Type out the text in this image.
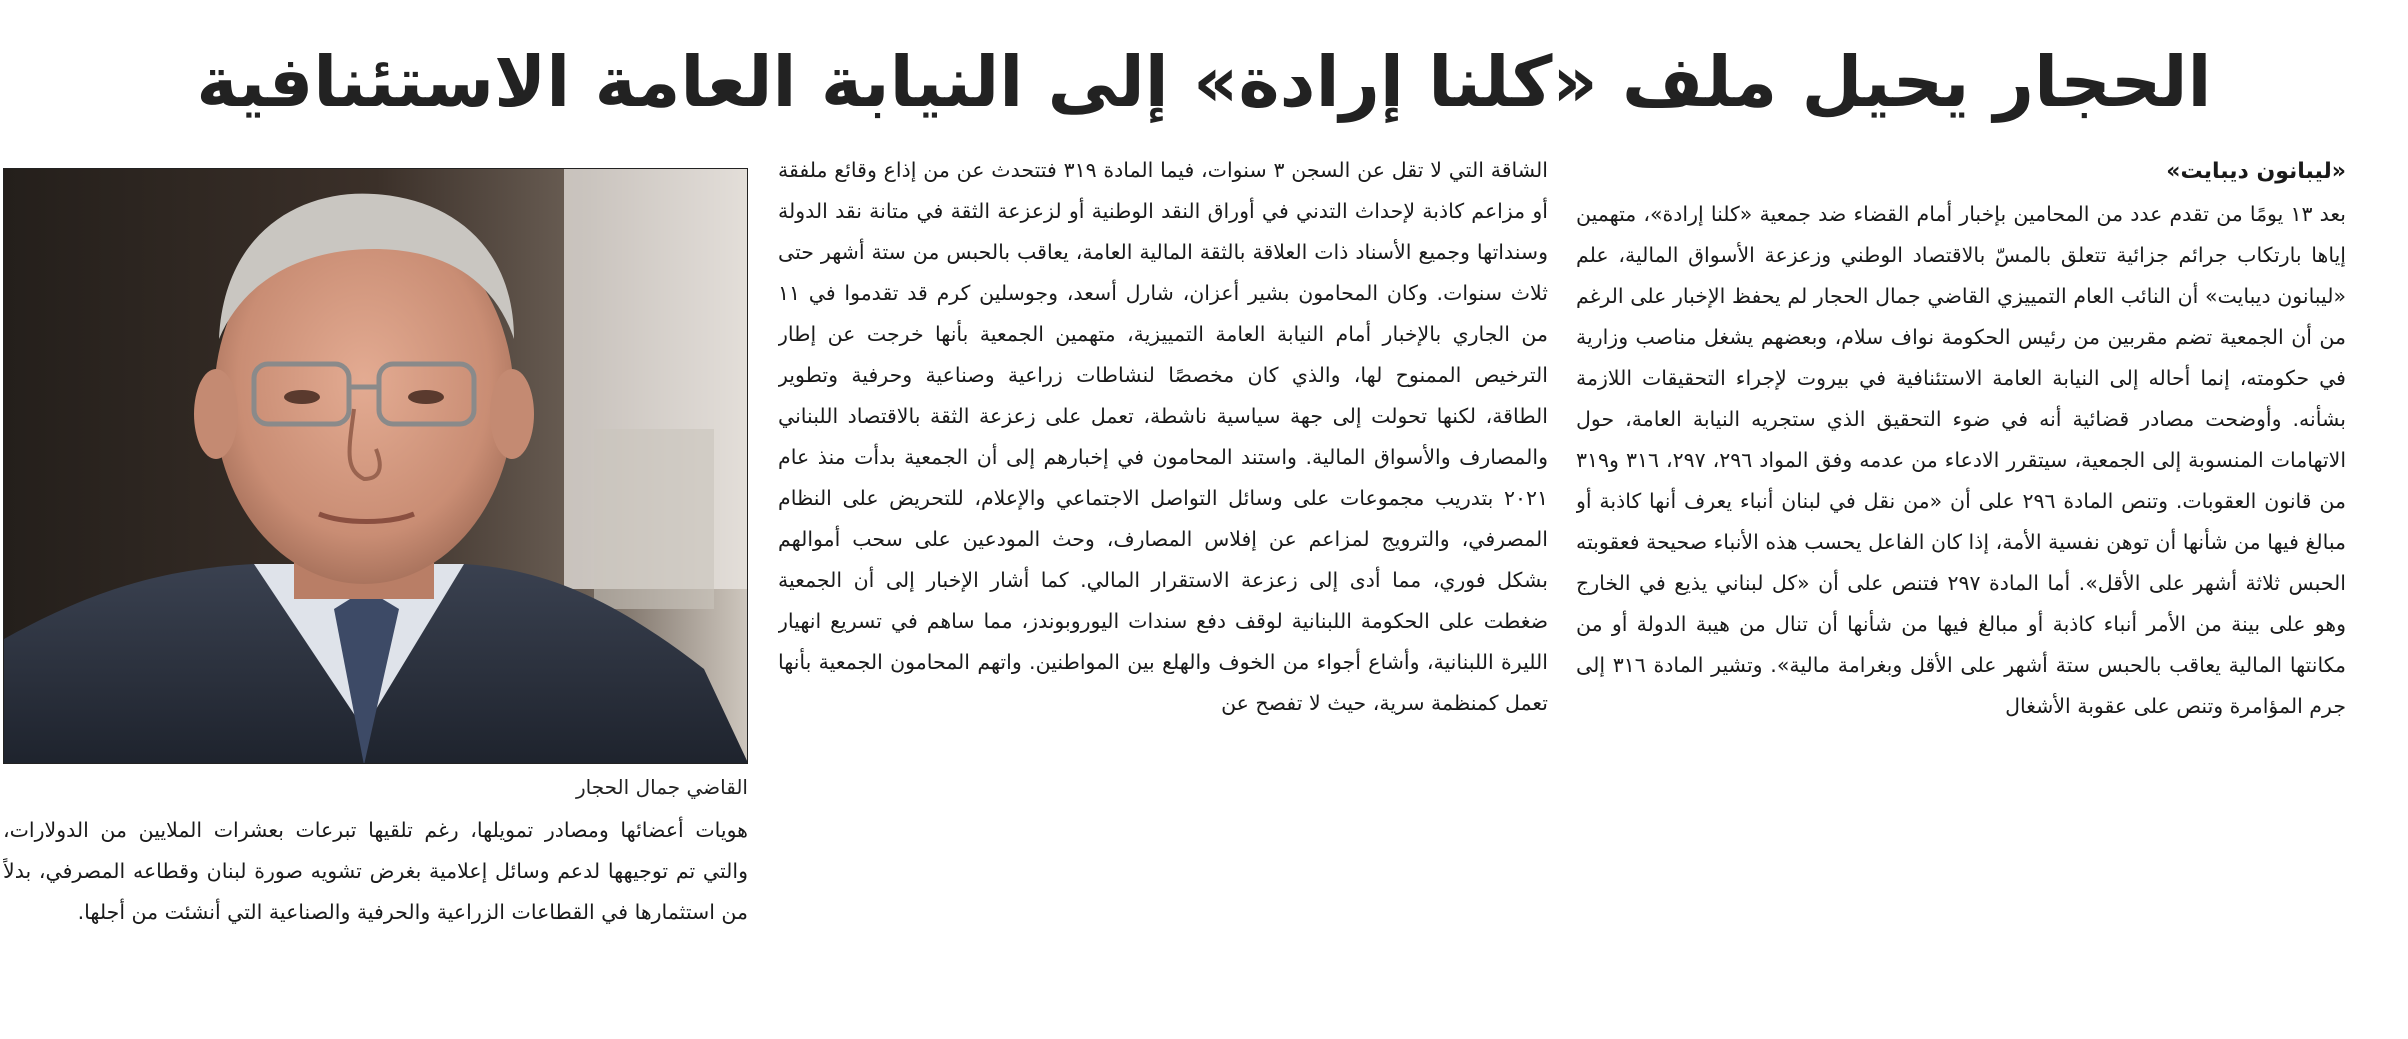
الحجار يحيل ملف «كلنا إرادة» إلى النيابة العامة الاستئنافية
«ليبانون ديبايت»

بعد ١٣ يومًا من تقدم عدد من المحامين بإخبار أمام القضاء ضد جمعية «كلنا إرادة»، متهمين إياها بارتكاب جرائم جزائية تتعلق بالمسّ بالاقتصاد الوطني وزعزعة الأسواق المالية، علم «ليبانون ديبايت» أن النائب العام التمييزي القاضي جمال الحجار لم يحفظ الإخبار على الرغم من أن الجمعية تضم مقربين من رئيس الحكومة نواف سلام، وبعضهم يشغل مناصب وزارية في حكومته، إنما أحاله إلى النيابة العامة الاستئنافية في بيروت لإجراء التحقيقات اللازمة بشأنه. وأوضحت مصادر قضائية أنه في ضوء التحقيق الذي ستجريه النيابة العامة، حول الاتهامات المنسوبة إلى الجمعية، سيتقرر الادعاء من عدمه وفق المواد ٢٩٦، ٢٩٧، ٣١٦ و٣١٩ من قانون العقوبات. وتنص المادة ٢٩٦ على أن «من نقل في لبنان أنباء يعرف أنها كاذبة أو مبالغ فيها من شأنها أن توهن نفسية الأمة، إذا كان الفاعل يحسب هذه الأنباء صحيحة فعقوبته الحبس ثلاثة أشهر على الأقل». أما المادة ٢٩٧ فتنص على أن «كل لبناني يذيع في الخارج وهو على بينة من الأمر أنباء كاذبة أو مبالغ فيها من شأنها أن تنال من هيبة الدولة أو من مكانتها المالية يعاقب بالحبس ستة أشهر على الأقل وبغرامة مالية». وتشير المادة ٣١٦ إلى جرم المؤامرة وتنص على عقوبة الأشغال

الشاقة التي لا تقل عن السجن ٣ سنوات، فيما المادة ٣١٩ فتتحدث عن من إذاع وقائع ملفقة أو مزاعم كاذبة لإحداث التدني في أوراق النقد الوطنية أو لزعزعة الثقة في متانة نقد الدولة وسنداتها وجميع الأسناد ذات العلاقة بالثقة المالية العامة، يعاقب بالحبس من ستة أشهر حتى ثلاث سنوات. وكان المحامون بشير أعزان، شارل أسعد، وجوسلين كرم قد تقدموا في ١١ من الجاري بالإخبار أمام النيابة العامة التمييزية، متهمين الجمعية بأنها خرجت عن إطار الترخيص الممنوح لها، والذي كان مخصصًا لنشاطات زراعية وصناعية وحرفية وتطوير الطاقة، لكنها تحولت إلى جهة سياسية ناشطة، تعمل على زعزعة الثقة بالاقتصاد اللبناني والمصارف والأسواق المالية. واستند المحامون في إخبارهم إلى أن الجمعية بدأت منذ عام ٢٠٢١ بتدريب مجموعات على وسائل التواصل الاجتماعي والإعلام، للتحريض على النظام المصرفي، والترويج لمزاعم عن إفلاس المصارف، وحث المودعين على سحب أموالهم بشكل فوري، مما أدى إلى زعزعة الاستقرار المالي. كما أشار الإخبار إلى أن الجمعية ضغطت على الحكومة اللبنانية لوقف دفع سندات اليوروبوندز، مما ساهم في تسريع انهيار الليرة اللبنانية، وأشاع أجواء من الخوف والهلع بين المواطنين. واتهم المحامون الجمعية بأنها تعمل كمنظمة سرية، حيث لا تفصح عن

القاضي جمال الحجار

هويات أعضائها ومصادر تمويلها، رغم تلقيها تبرعات بعشرات الملايين من الدولارات، والتي تم توجيهها لدعم وسائل إعلامية بغرض تشويه صورة لبنان وقطاعه المصرفي، بدلاً من استثمارها في القطاعات الزراعية والحرفية والصناعية التي أنشئت من أجلها.
